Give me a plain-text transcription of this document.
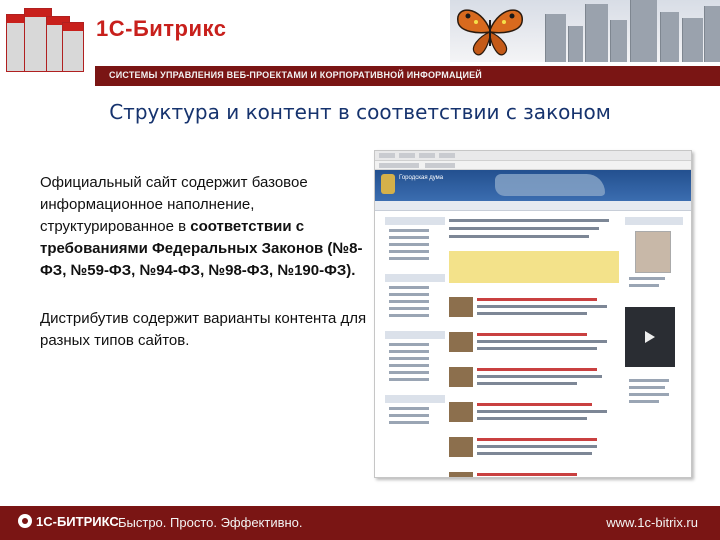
1С-Битрикс
СИСТЕМЫ УПРАВЛЕНИЯ ВЕБ-ПРОЕКТАМИ И КОРПОРАТИВНОЙ ИНФОРМАЦИЕЙ
Структура и контент в соответствии с законом

Официальный сайт содержит базовое информационное наполнение, структурированное в соответствии с требованиями Федеральных Законов (№8-ФЗ, №59-ФЗ, №94-ФЗ, №98-ФЗ, №190-ФЗ).

Дистрибутив содержит варианты контента для разных типов сайтов.

Городская дума
1С-БИТРИКС Быстро. Просто. Эффективно.	www.1c-bitrix.ru
